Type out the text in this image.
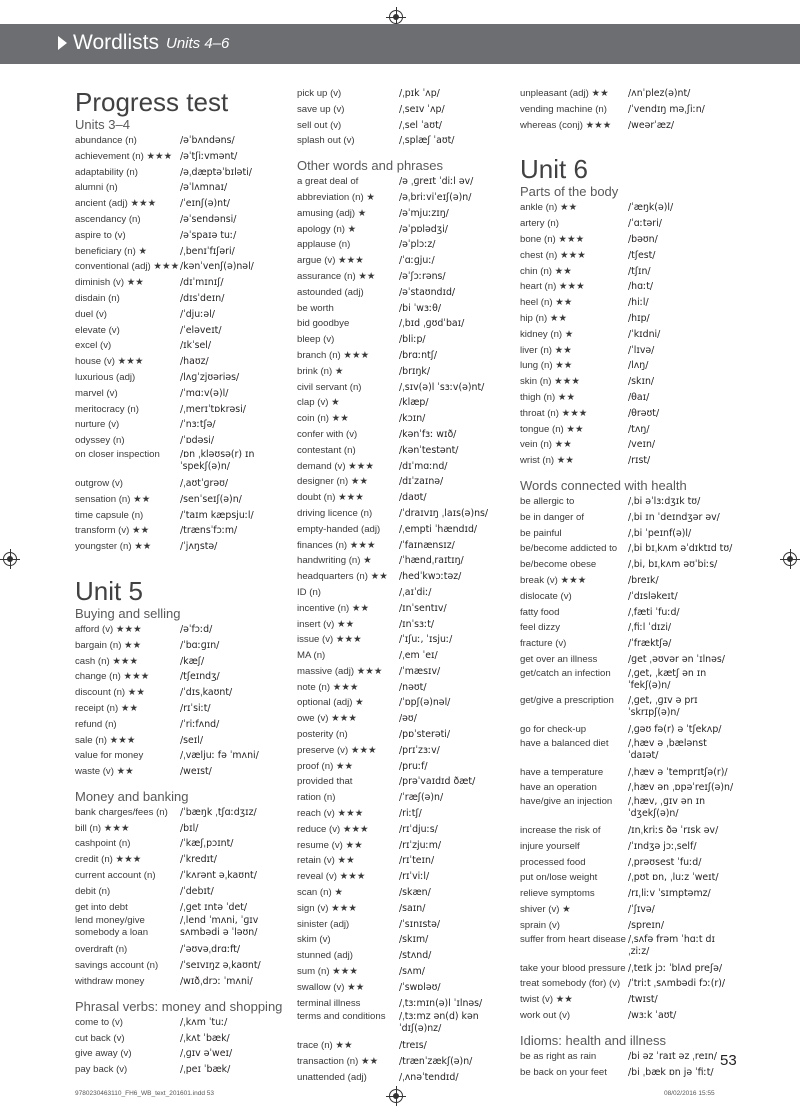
Wordlists Units 4–6
Progress test
Units 3–4
abundance (n)	/əˈbʌndəns/
achievement (n) ★★★ /əˈtʃiːvmənt/
adaptability (n)	/əˌdæptəˈbɪləti/
alumni (n)	/əˈlʌmnaɪ/
ancient (adj) ★★★	/ˈeɪnʃ(ə)nt/
ascendancy (n)	/əˈsendənsi/
aspire to (v)	/əˈspaɪə tuː/
beneficiary (n) ★	/ˌbenɪˈfɪʃəri/
conventional (adj) ★★★/kənˈvenʃ(ə)nəl/
diminish (v) ★★	/dɪˈmɪnɪʃ/
disdain (n)	/dɪsˈdeɪn/
duel (v)	/ˈdjuːəl/
elevate (v)	/ˈeləveɪt/
excel (v)	/ɪkˈsel/
house (v) ★★★	/haʊz/
luxurious (adj)	/lʌɡˈzjʊəriəs/
marvel (v)	/ˈmɑːv(ə)l/
meritocracy (n)	/ˌmerɪˈtɒkrəsi/
nurture (v)	/ˈnɜːtʃə/
odyssey (n)	/ˈɒdəsi/
on closer inspection /ɒn ˌkləʊsə(r) ɪnˈspekʃ(ə)n/
outgrow (v)	/ˌaʊtˈɡrəʊ/
sensation (n) ★★	/senˈseɪʃ(ə)n/
time capsule (n)	/ˈtaɪm kæpsjuːl/
transform (v) ★★	/trænsˈfɔːm/
youngster (n) ★★	/ˈjʌŋstə/
Unit 5
Buying and selling
afford (v) ★★★	/əˈfɔːd/
bargain (n) ★★	/ˈbɑːɡɪn/
cash (n) ★★★	/kæʃ/
change (n) ★★★	/tʃeɪndʒ/
discount (n) ★★	/ˈdɪsˌkaʊnt/
receipt (n) ★★	/rɪˈsiːt/
refund (n)	/ˈriːfʌnd/
sale (n) ★★★	/seɪl/
value for money	/ˌvæljuː fə ˈmʌni/
waste (v) ★★	/weɪst/
Money and banking
bank charges/fees (n) /ˈbæŋk ˌtʃɑːdʒɪz/
bill (n) ★★★	/bɪl/
cashpoint (n)	/ˈkæʃˌpɔɪnt/
credit (n) ★★★	/ˈkredɪt/
current account (n)	/ˈkʌrənt əˌkaʊnt/
debit (n)	/ˈdebɪt/
get into debt	/ˌɡet ɪntə ˈdet/
lend money/give somebody a loan/ˌlend ˈmʌni, ˈɡɪv sʌmbədi ə ˈləʊn/
overdraft (n)	/ˈəʊvəˌdrɑːft/
savings account (n) /ˈseɪvɪŋz əˌkaʊnt/
withdraw money	/wɪðˌdrɔː ˈmʌni/
Phrasal verbs: money and shopping
come to (v)	/ˌkʌm ˈtuː/
cut back (v)	/ˌkʌt ˈbæk/
give away (v)	/ˌɡɪv əˈweɪ/
pay back (v)	/ˌpeɪ ˈbæk/
pick up (v)	/ˌpɪk ˈʌp/
save up (v)	/ˌseɪv ˈʌp/
sell out (v)	/ˌsel ˈaʊt/
splash out (v)	/ˌsplæʃ ˈaʊt/
Other words and phrases
a great deal of	/ə ˌɡreɪt ˈdiːl əv/
abbreviation (n) ★	/əˌbriːviˈeɪʃ(ə)n/
amusing (adj) ★	/əˈmjuːzɪŋ/
apology (n) ★	/əˈpɒlədʒi/
applause (n)	/əˈplɔːz/
argue (v) ★★★	/ˈɑːɡjuː/
assurance (n) ★★ /əˈʃɔːrəns/
astounded (adj)	/əˈstaʊndɪd/
be worth	/bi ˈwɜːθ/
bid goodbye	/ˌbɪd ˌɡʊdˈbaɪ/
bleep (v)	/bliːp/
branch (n) ★★★	/brɑːntʃ/
brink (n) ★	/brɪŋk/
civil servant (n)	/ˌsɪv(ə)l ˈsɜːv(ə)nt/
clap (v) ★	/klæp/
coin (n) ★★	/kɔɪn/
confer with (v)	/kənˈfɜː wɪð/
contestant (n)	/kənˈtestənt/
demand (v) ★★★	/dɪˈmɑːnd/
designer (n) ★★	/dɪˈzaɪnə/
doubt (n) ★★★	/daʊt/
driving licence (n)	/ˈdraɪvɪŋ ˌlaɪs(ə)ns/
empty-handed (adj) /ˌempti ˈhændɪd/
finances (n) ★★★ /ˈfaɪnænsɪz/
handwriting (n) ★	/ˈhændˌraɪtɪŋ/
headquarters (n) ★★ /hedˈkwɔːtəz/
ID (n)	/ˌaɪˈdiː/
incentive (n) ★★	/ɪnˈsentɪv/
insert (v) ★★	/ɪnˈsɜːt/
issue (v) ★★★	/ˈɪʃuː, ˈɪsjuː/
MA (n)	/ˌem ˈeɪ/
massive (adj) ★★★ /ˈmæsɪv/
note (n) ★★★	/nəʊt/
optional (adj) ★	/ˈɒpʃ(ə)nəl/
owe (v) ★★★	/əʊ/
posterity (n)	/pɒˈsterəti/
preserve (v) ★★★ /prɪˈzɜːv/
proof (n) ★★	/pruːf/
provided that	/prəˈvaɪdɪd ðæt/
ration (n)	/ˈræʃ(ə)n/
reach (v) ★★★	/riːtʃ/
reduce (v) ★★★	/rɪˈdjuːs/
resume (v) ★★	/rɪˈzjuːm/
retain (v) ★★	/rɪˈteɪn/
reveal (v) ★★★	/rɪˈviːl/
scan (n) ★	/skæn/
sign (v) ★★★	/saɪn/
sinister (adj)	/ˈsɪnɪstə/
skim (v)	/skɪm/
stunned (adj)	/stʌnd/
sum (n) ★★★	/sʌm/
swallow (v) ★★	/ˈswɒləʊ/
terminal illness	/ˌtɜːmɪn(ə)l ˈɪlnəs/
terms and conditions /ˌtɜːmz ən(d) kənˈdɪʃ(ə)nz/
trace (n) ★★	/treɪs/
transaction (n) ★★ /trænˈzækʃ(ə)n/
unattended (adj)	/ˌʌnəˈtendɪd/
unpleasant (adj) ★★ /ʌnˈplez(ə)nt/
vending machine (n) /ˈvendɪŋ məˌʃiːn/
whereas (conj) ★★★ /weərˈæz/
Unit 6
Parts of the body
ankle (n) ★★	/ˈæŋk(ə)l/
artery (n)	/ˈɑːtəri/
bone (n) ★★★	/bəʊn/
chest (n) ★★★	/tʃest/
chin (n) ★★	/tʃɪn/
heart (n) ★★★	/hɑːt/
heel (n) ★★	/hiːl/
hip (n) ★★	/hɪp/
kidney (n) ★	/ˈkɪdni/
liver (n) ★★	/ˈlɪvə/
lung (n) ★★	/lʌŋ/
skin (n) ★★★	/skɪn/
thigh (n) ★★	/θaɪ/
throat (n) ★★★	/θrəʊt/
tongue (n) ★★	/tʌŋ/
vein (n) ★★	/veɪn/
wrist (n) ★★	/rɪst/
Words connected with health
be allergic to	/ˌbi əˈlɜːdʒɪk tʊ/
be in danger of	/ˌbi ɪn ˈdeɪndʒər əv/
be painful	/ˌbi ˈpeɪnf(ə)l/
be/become addicted to /ˌbi bɪˌkʌm əˈdɪktɪd tʊ/
be/become obese	/ˌbi, bɪˌkʌm əʊˈbiːs/
break (v) ★★★	/breɪk/
dislocate (v)	/ˈdɪsləkeɪt/
fatty food	/ˌfæti ˈfuːd/
feel dizzy	/ˌfiːl ˈdɪzi/
fracture (v)	/ˈfræktʃə/
get over an illness	/ɡet ˌəʊvər ən ˈɪlnəs/
get/catch an infection /ˌɡet, ˌkætʃ ən ɪnˈfekʃ(ə)n/
get/give a prescription /ˌɡet, ˌɡɪv ə prɪˈskrɪpʃ(ə)n/
go for check-up	/ˌɡəʊ fə(r) ə ˈtʃekʌp/
have a balanced diet /ˌhæv ə ˌbælənst ˈdaɪət/
have a temperature	/ˌhæv ə ˈtemprɪtʃə(r)/
have an operation	/ˌhæv ən ˌɒpəˈreɪʃ(ə)n/
have/give an injection /ˌhæv, ˌɡɪv ən ɪnˈdʒekʃ(ə)n/
increase the risk of	/ɪnˌkriːs ðə ˈrɪsk əv/
injure yourself	/ˈɪndʒə jɔːˌself/
processed food	/ˌprəʊsest ˈfuːd/
put on/lose weight	/ˌpʊt ɒn, ˌluːz ˈweɪt/
relieve symptoms	/rɪˌliːv ˈsɪmptəmz/
shiver (v) ★	/ˈʃɪvə/
sprain (v)	/spreɪn/
suffer from heart disease /ˌsʌfə frəm ˈhɑːt dɪˌziːz/
take your blood pressure /ˌteɪk jɔː ˈblʌd preʃə/
treat somebody (for) (v) /ˈtriːt ˌsʌmbədi fɔː(r)/
twist (v) ★★	/twɪst/
work out (v)	/wɜːk ˈaʊt/
Idioms: health and illness
be as right as rain	/bi əz ˈraɪt əz ˌreɪn/
be back on your feet /bi ˌbæk ɒn jə ˈfiːt/
53
9780230463110_FH6_WB_text_201601.indd 53	08/02/2016 15:55
